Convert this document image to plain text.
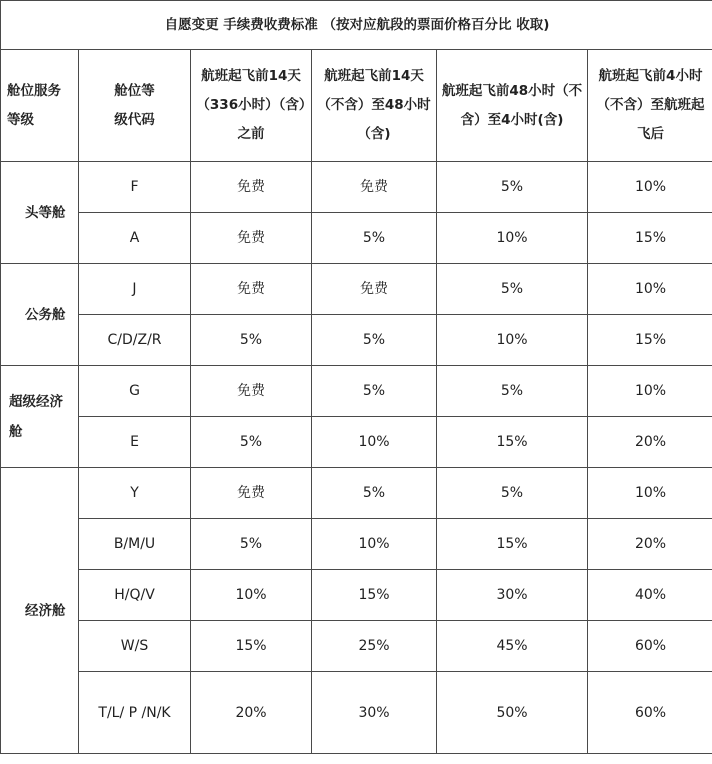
自愿变更 手续费收费标准 （按对应航段的票面价格百分比 收取)					
舱位服务 等级	舱位等级代码	航班起飞前14天（336小时）（含）之前	航班起飞前14天（不含）至48小时（含)	航班起飞前48小时（不含）至4小时(含)	航班起飞前4小时（不含）至航班起飞后
头等舱	F	免费	免费	5%	10%
	A	免费	5%	10%	15%
公务舱	J	免费	免费	5%	10%
	C/D/Z/R	5%	5%	10%	15%
超级经济舱	G	免费	5%	5%	10%
	E	5%	10%	15%	20%
经济舱	Y	免费	5%	5%	10%
	B/M/U	5%	10%	15%	20%
	H/Q/V	10%	15%	30%	40%
	W/S	15%	25%	45%	60%
	T/L/ P /N/K	20%	30%	50%	60%
